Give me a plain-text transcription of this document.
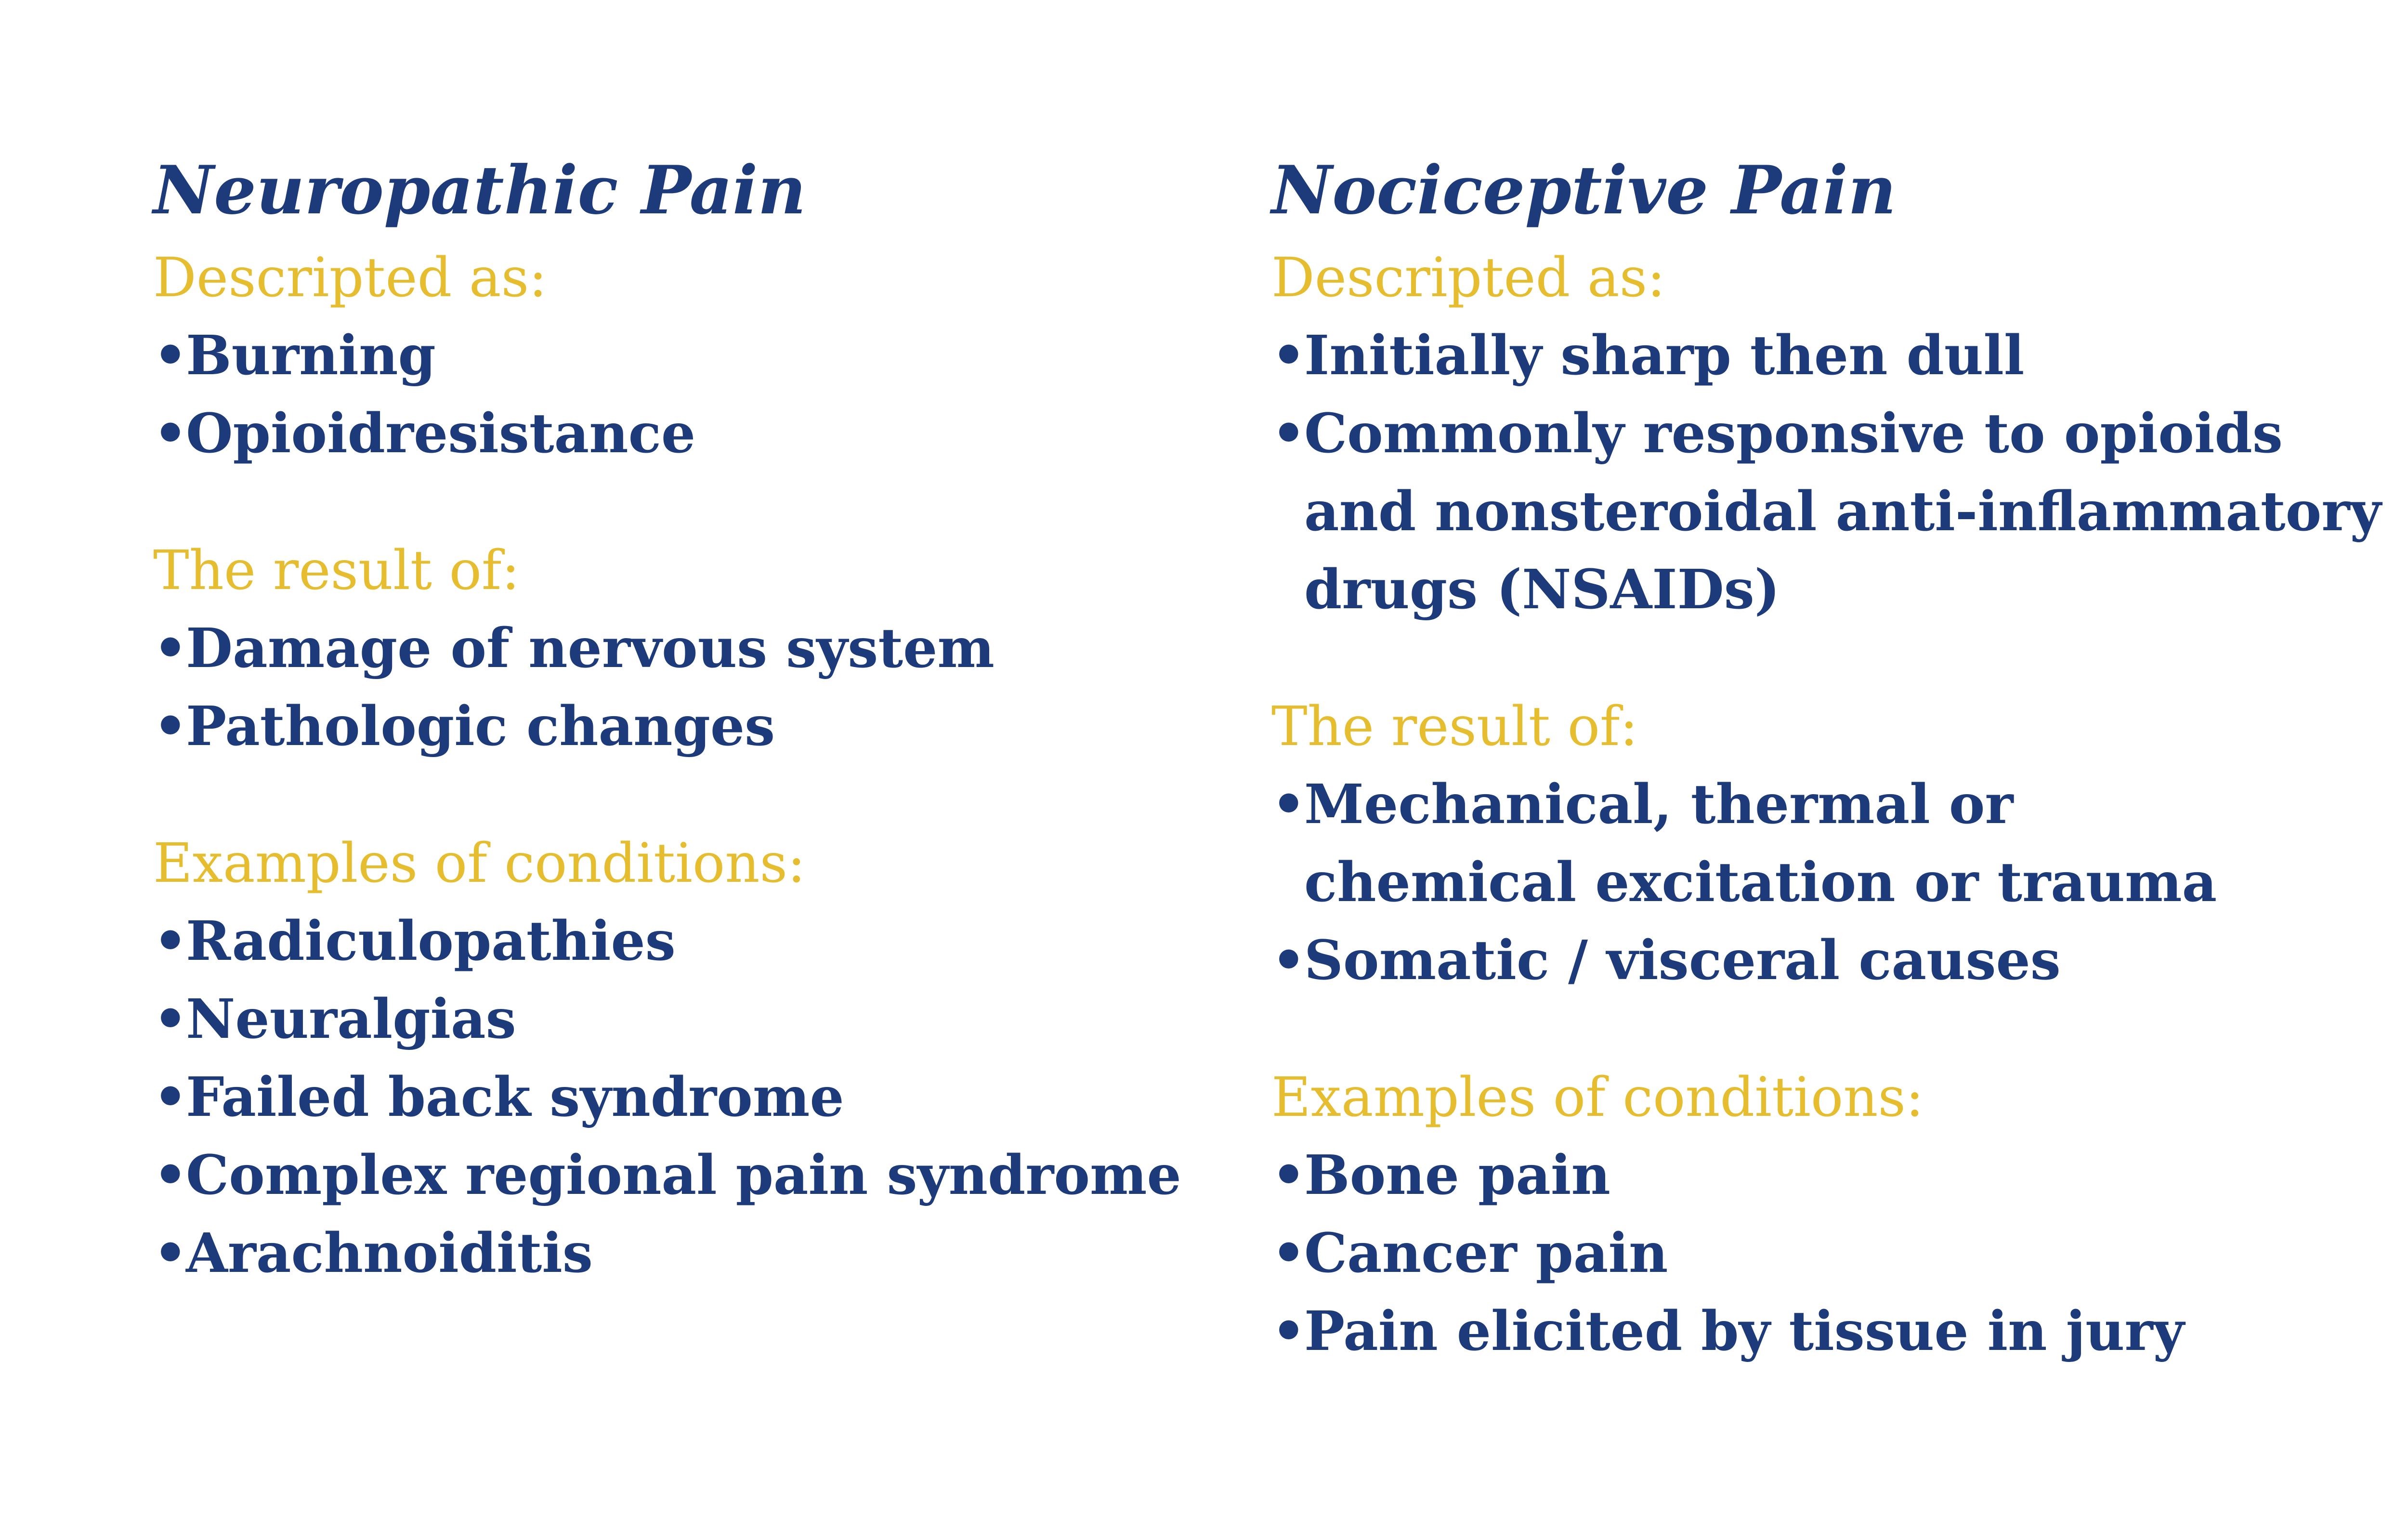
Neuropathic Pain
Descripted as:
•
Burning
•
Opioidresistance
The result of:
•
Damage of nervous system
•
Pathologic changes
Examples of conditions:
•
Radiculopathies
•
Neuralgias
•
Failed back syndrome
•
Complex regional pain syndrome
•
Arachnoiditis
Nociceptive Pain
Descripted as:
•
Initially sharp then dull
•
Commonly responsive to opioids
and nonsteroidal anti-inflammatory
drugs (NSAIDs)
The result of:
•
Mechanical, thermal or
chemical excitation or trauma
•
Somatic / visceral causes
Examples of conditions:
•
Bone pain
•
Cancer pain
•
Pain elicited by tissue in jury
